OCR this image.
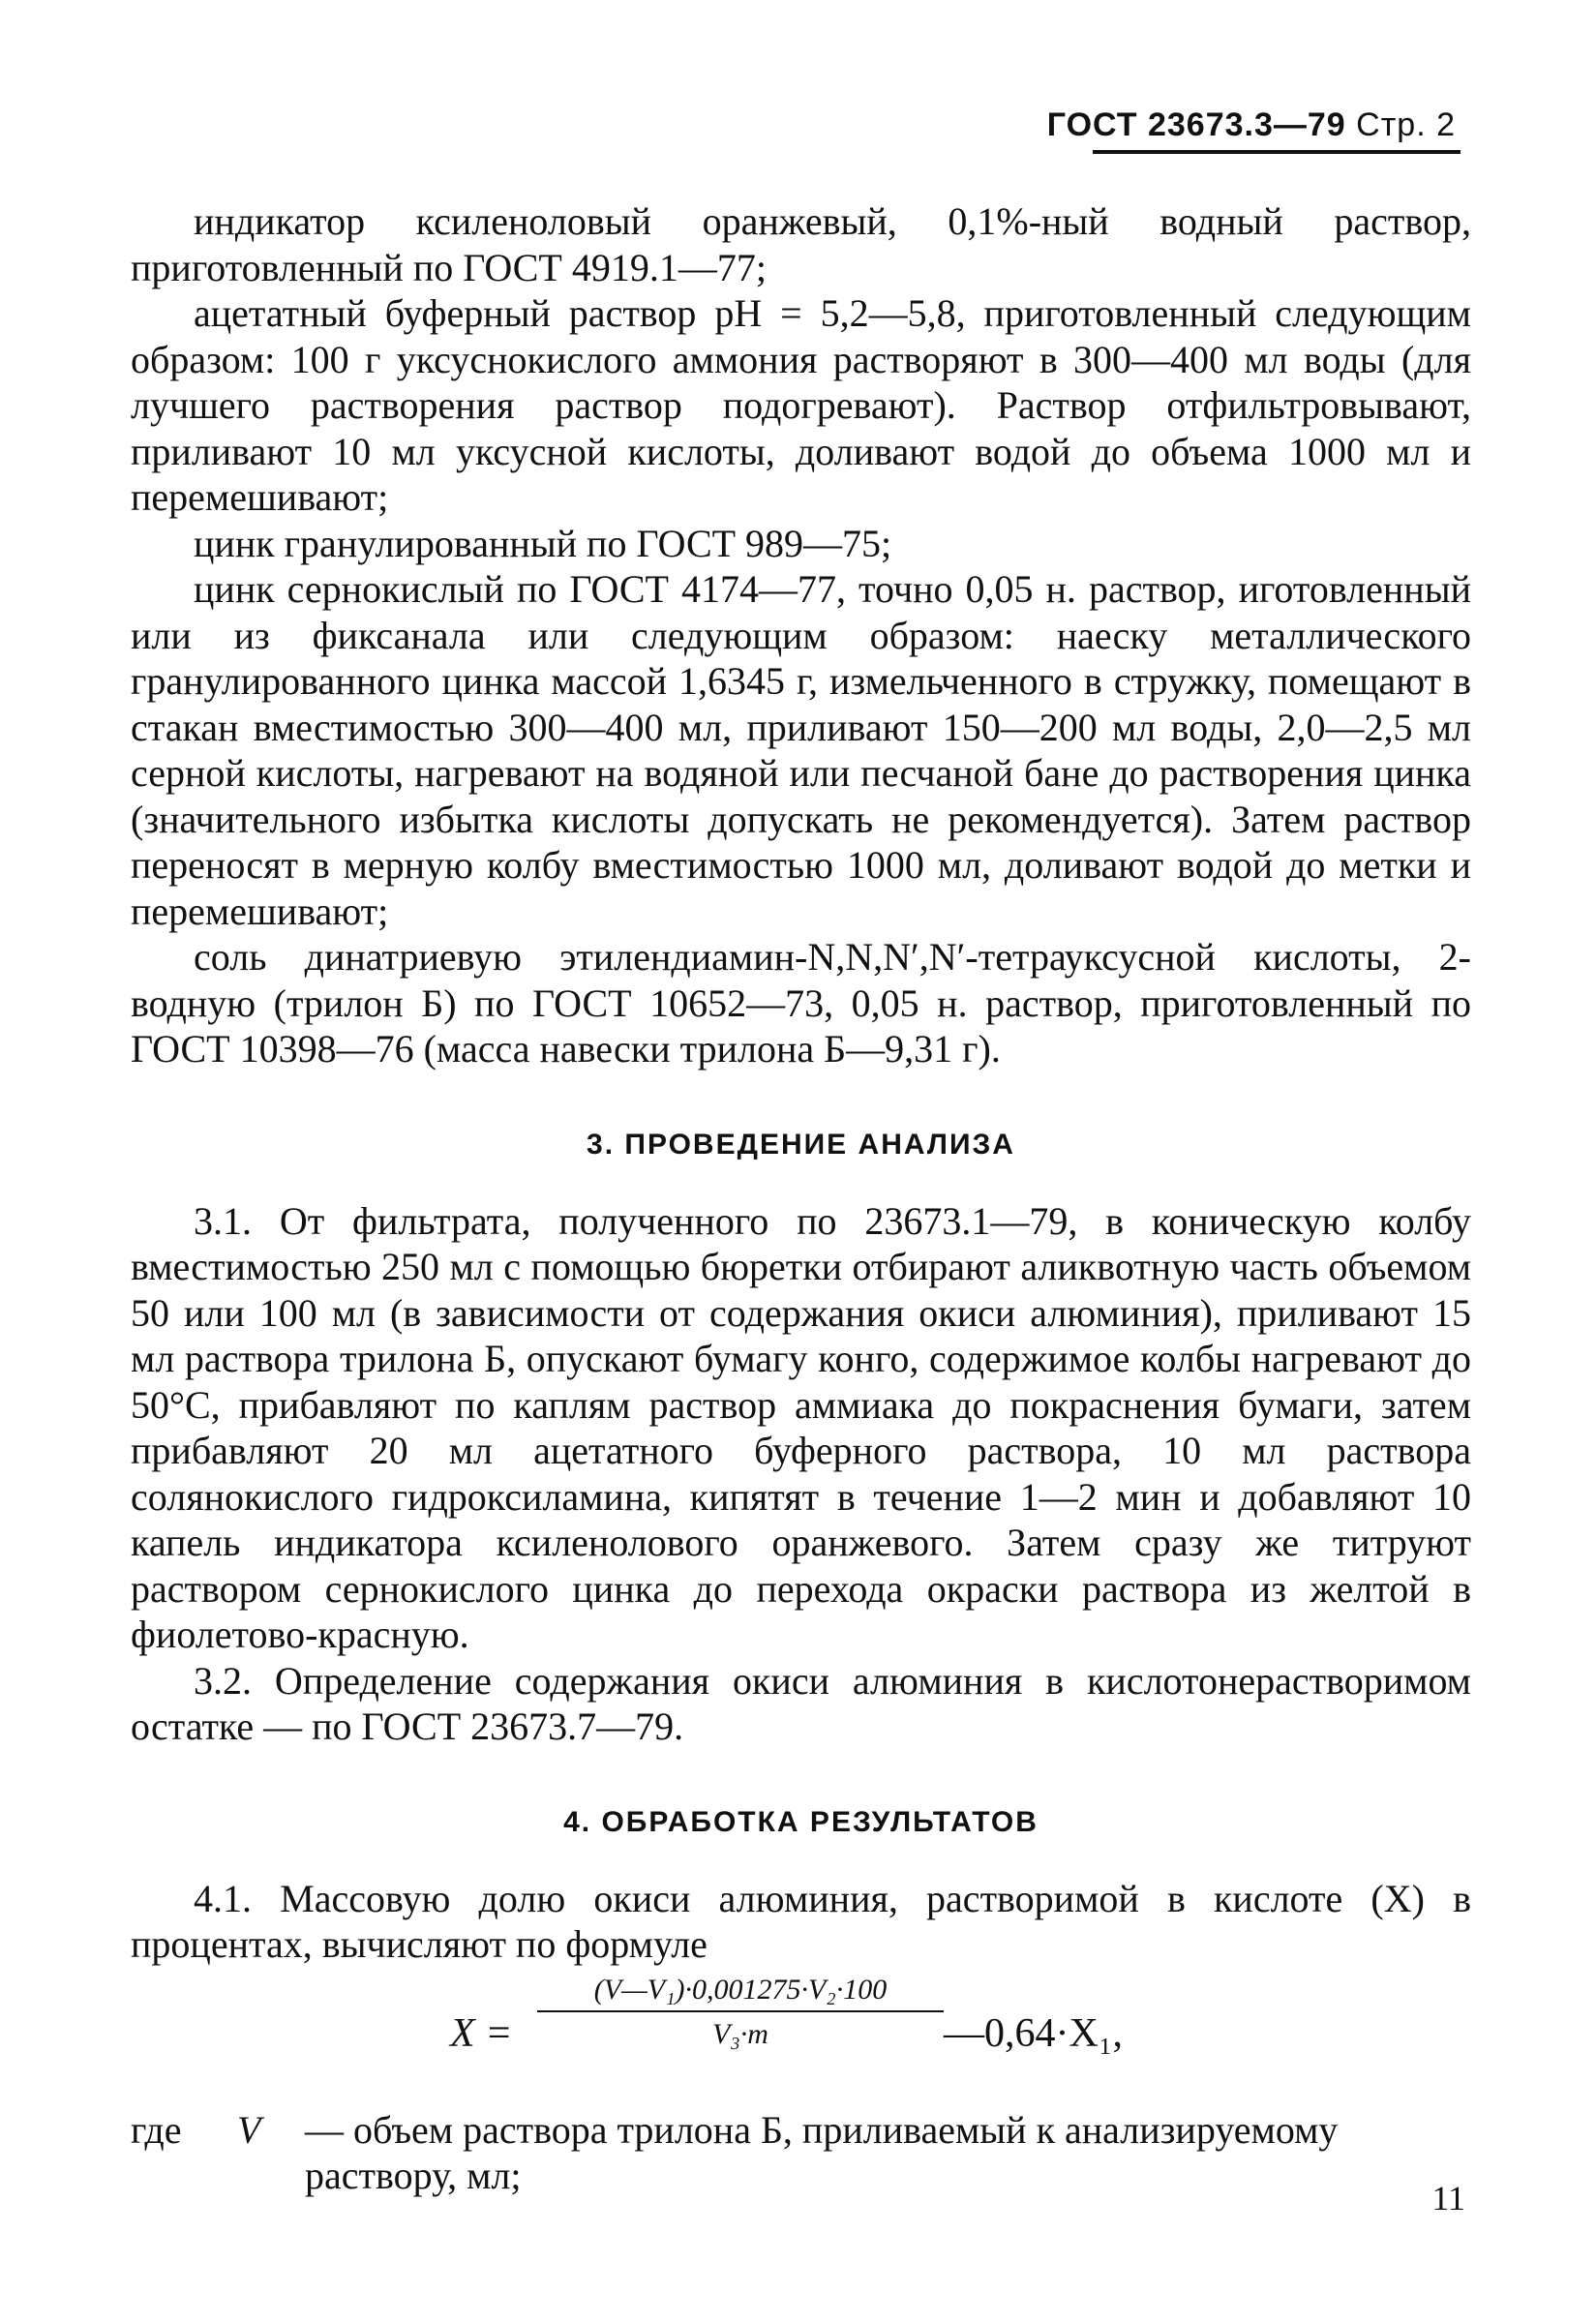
ГОСТ 23673.3—79 Стр. 2

индикатор ксиленоловый оранжевый, 0,1%-ный водный раствор, приготовленный по ГОСТ 4919.1—77;

ацетатный буферный раствор pH = 5,2—5,8, приготовленный следующим образом: 100 г уксуснокислого аммония растворяют в 300—400 мл воды (для лучшего растворения раствор подогревают). Раствор отфильтровывают, приливают 10 мл уксусной кислоты, доливают водой до объема 1000 мл и перемешивают;

цинк гранулированный по ГОСТ 989—75;

цинк сернокислый по ГОСТ 4174—77, точно 0,05 н. раствор, иготовленный или из фиксанала или следующим образом: наеску металлического гранулированного цинка массой 1,6345 г, измельченного в стружку, помещают в стакан вместимостью 300—400 мл, приливают 150—200 мл воды, 2,0—2,5 мл серной кислоты, нагревают на водяной или песчаной бане до растворения цинка (значительного избытка кислоты допускать не рекомендуется). Затем раствор переносят в мерную колбу вместимостью 1000 мл, доливают водой до метки и перемешивают;

соль динатриевую этилендиамин-N,N,N′,N′-тетрауксусной кислоты, 2-водную (трилон Б) по ГОСТ 10652—73, 0,05 н. раствор, приготовленный по ГОСТ 10398—76 (масса навески трилона Б—9,31 г).

3. ПРОВЕДЕНИЕ АНАЛИЗА

3.1. От фильтрата, полученного по 23673.1—79, в коническую колбу вместимостью 250 мл с помощью бюретки отбирают аликвотную часть объемом 50 или 100 мл (в зависимости от содержания окиси алюминия), приливают 15 мл раствора трилона Б, опускают бумагу конго, содержимое колбы нагревают до 50°С, прибавляют по каплям раствор аммиака до покраснения бумаги, затем прибавляют 20 мл ацетатного буферного раствора, 10 мл раствора солянокислого гидроксиламина, кипятят в течение 1—2 мин и добавляют 10 капель индикатора ксиленолового оранжевого. Затем сразу же титруют раствором сернокислого цинка до перехода окраски раствора из желтой в фиолетово-красную.

3.2. Определение содержания окиси алюминия в кислотонерастворимом остатке — по ГОСТ 23673.7—79.

4. ОБРАБОТКА РЕЗУЛЬТАТОВ

4.1. Массовую долю окиси алюминия, растворимой в кислоте (X) в процентах, вычисляют по формуле

$X = \frac{\text{(V—V₁)·0,001275·V₂·100}}{\text{V₃·m}}$ —0,64·X₁,
где	V	— объем раствора трилона Б, приливаемый к анализируемому раствору, мл;
11
